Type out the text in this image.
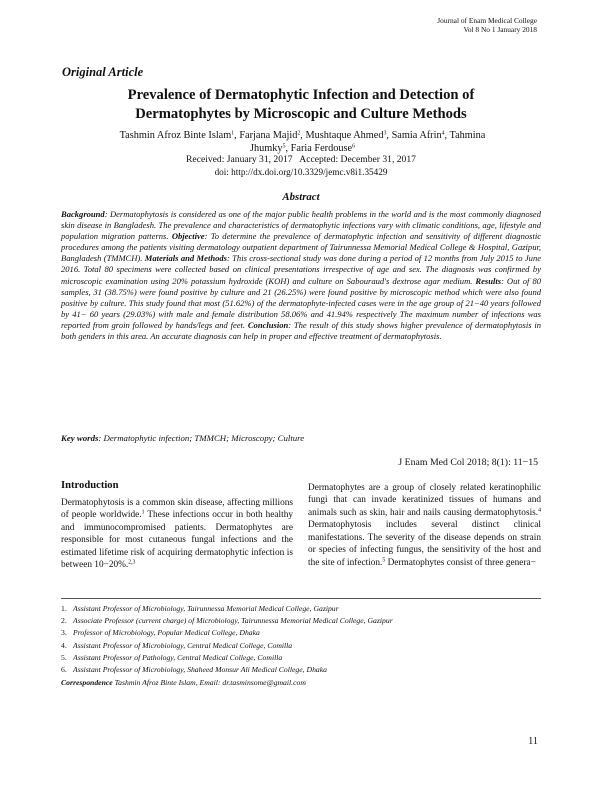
Journal of Enam Medical College
Vol 8 No 1 January 2018
Original Article
Prevalence of Dermatophytic Infection and Detection of
Dermatophytes by Microscopic and Culture Methods
Tashmin Afroz Binte Islam$^1$, Farjana Majid$^2$, Mushtaque Ahmed$^3$, Samia Afrin$^4$, Tahmina Jhumky$^5$, Faria Ferdouse$^6$
Received: January 31, 2017   Accepted: December 31, 2017
doi: http://dx.doi.org/10.3329/jemc.v8i1.35429
Abstract
Background: Dermatophytosis is considered as one of the major public health problems in the world and is the most commonly diagnosed skin disease in Bangladesh. The prevalence and characteristics of dermatophytic infections vary with climatic conditions, age, lifestyle and population migration patterns. Objective: To determine the prevalence of dermatophytic infection and sensitivity of different diagnostic procedures among the patients visiting dermatology outpatient department of Tairunnessa Memorial Medical College & Hospital, Gazipur, Bangladesh (TMMCH). Materials and Methods: This cross-sectional study was done during a period of 12 months from July 2015 to June 2016. Total 80 specimens were collected based on clinical presentations irrespective of age and sex. The diagnosis was confirmed by microscopic examination using 20% potassium hydroxide (KOH) and culture on Sabouraud's dextrose agar medium. Results: Out of 80 samples, 31 (38.75%) were found positive by culture and 21 (26.25%) were found positive by microscopic method which were also found positive by culture. This study found that most (51.62%) of the dermatophyte-infected cases were in the age group of 21−40 years followed by 41− 60 years (29.03%) with male and female distribution 58.06% and 41.94% respectively The maximum number of infections was reported from groin followed by hands/legs and feet. Conclusion: The result of this study shows higher prevalence of dermatophytosis in both genders in this area. An accurate diagnosis can help in proper and effective treatment of dermatophytosis.
Key words: Dermatophytic infection; TMMCH; Microscopy; Culture
J Enam Med Col 2018; 8(1): 11−15
Introduction
Dermatophytosis is a common skin disease, affecting millions of people worldwide.$^1$ These infections occur in both healthy and immunocompromised patients. Dermatophytes are responsible for most cutaneous fungal infections and the estimated lifetime risk of acquiring dermatophytic infection is between 10−20%.$^{2,3}$
Dermatophytes are a group of closely related keratinophilic fungi that can invade keratinized tissues of humans and animals such as skin, hair and nails causing dermatophytosis.$^4$ Dermatophytosis includes several distinct clinical manifestations. The severity of the disease depends on strain or species of infecting fungus, the sensitivity of the host and the site of infection.$^5$ Dermatophytes consist of three genera−
1. Assistant Professor of Microbiology, Tairunnessa Memorial Medical College, Gazipur
2. Associate Professor (current charge) of Microbiology, Tairunnessa Memorial Medical College, Gazipur
3. Professor of Microbiology, Popular Medical College, Dhaka
4. Assistant Professor of Microbiology, Central Medical College, Comilla
5. Assistant Professor of Pathology, Central Medical College, Comilla
6. Assistant Professor of Microbiology, Shaheed Monsur Ali Medical College, Dhaka
Correspondence Tashmin Afroz Binte Islam, Email: dr.tasminsome@gmail.com
11
